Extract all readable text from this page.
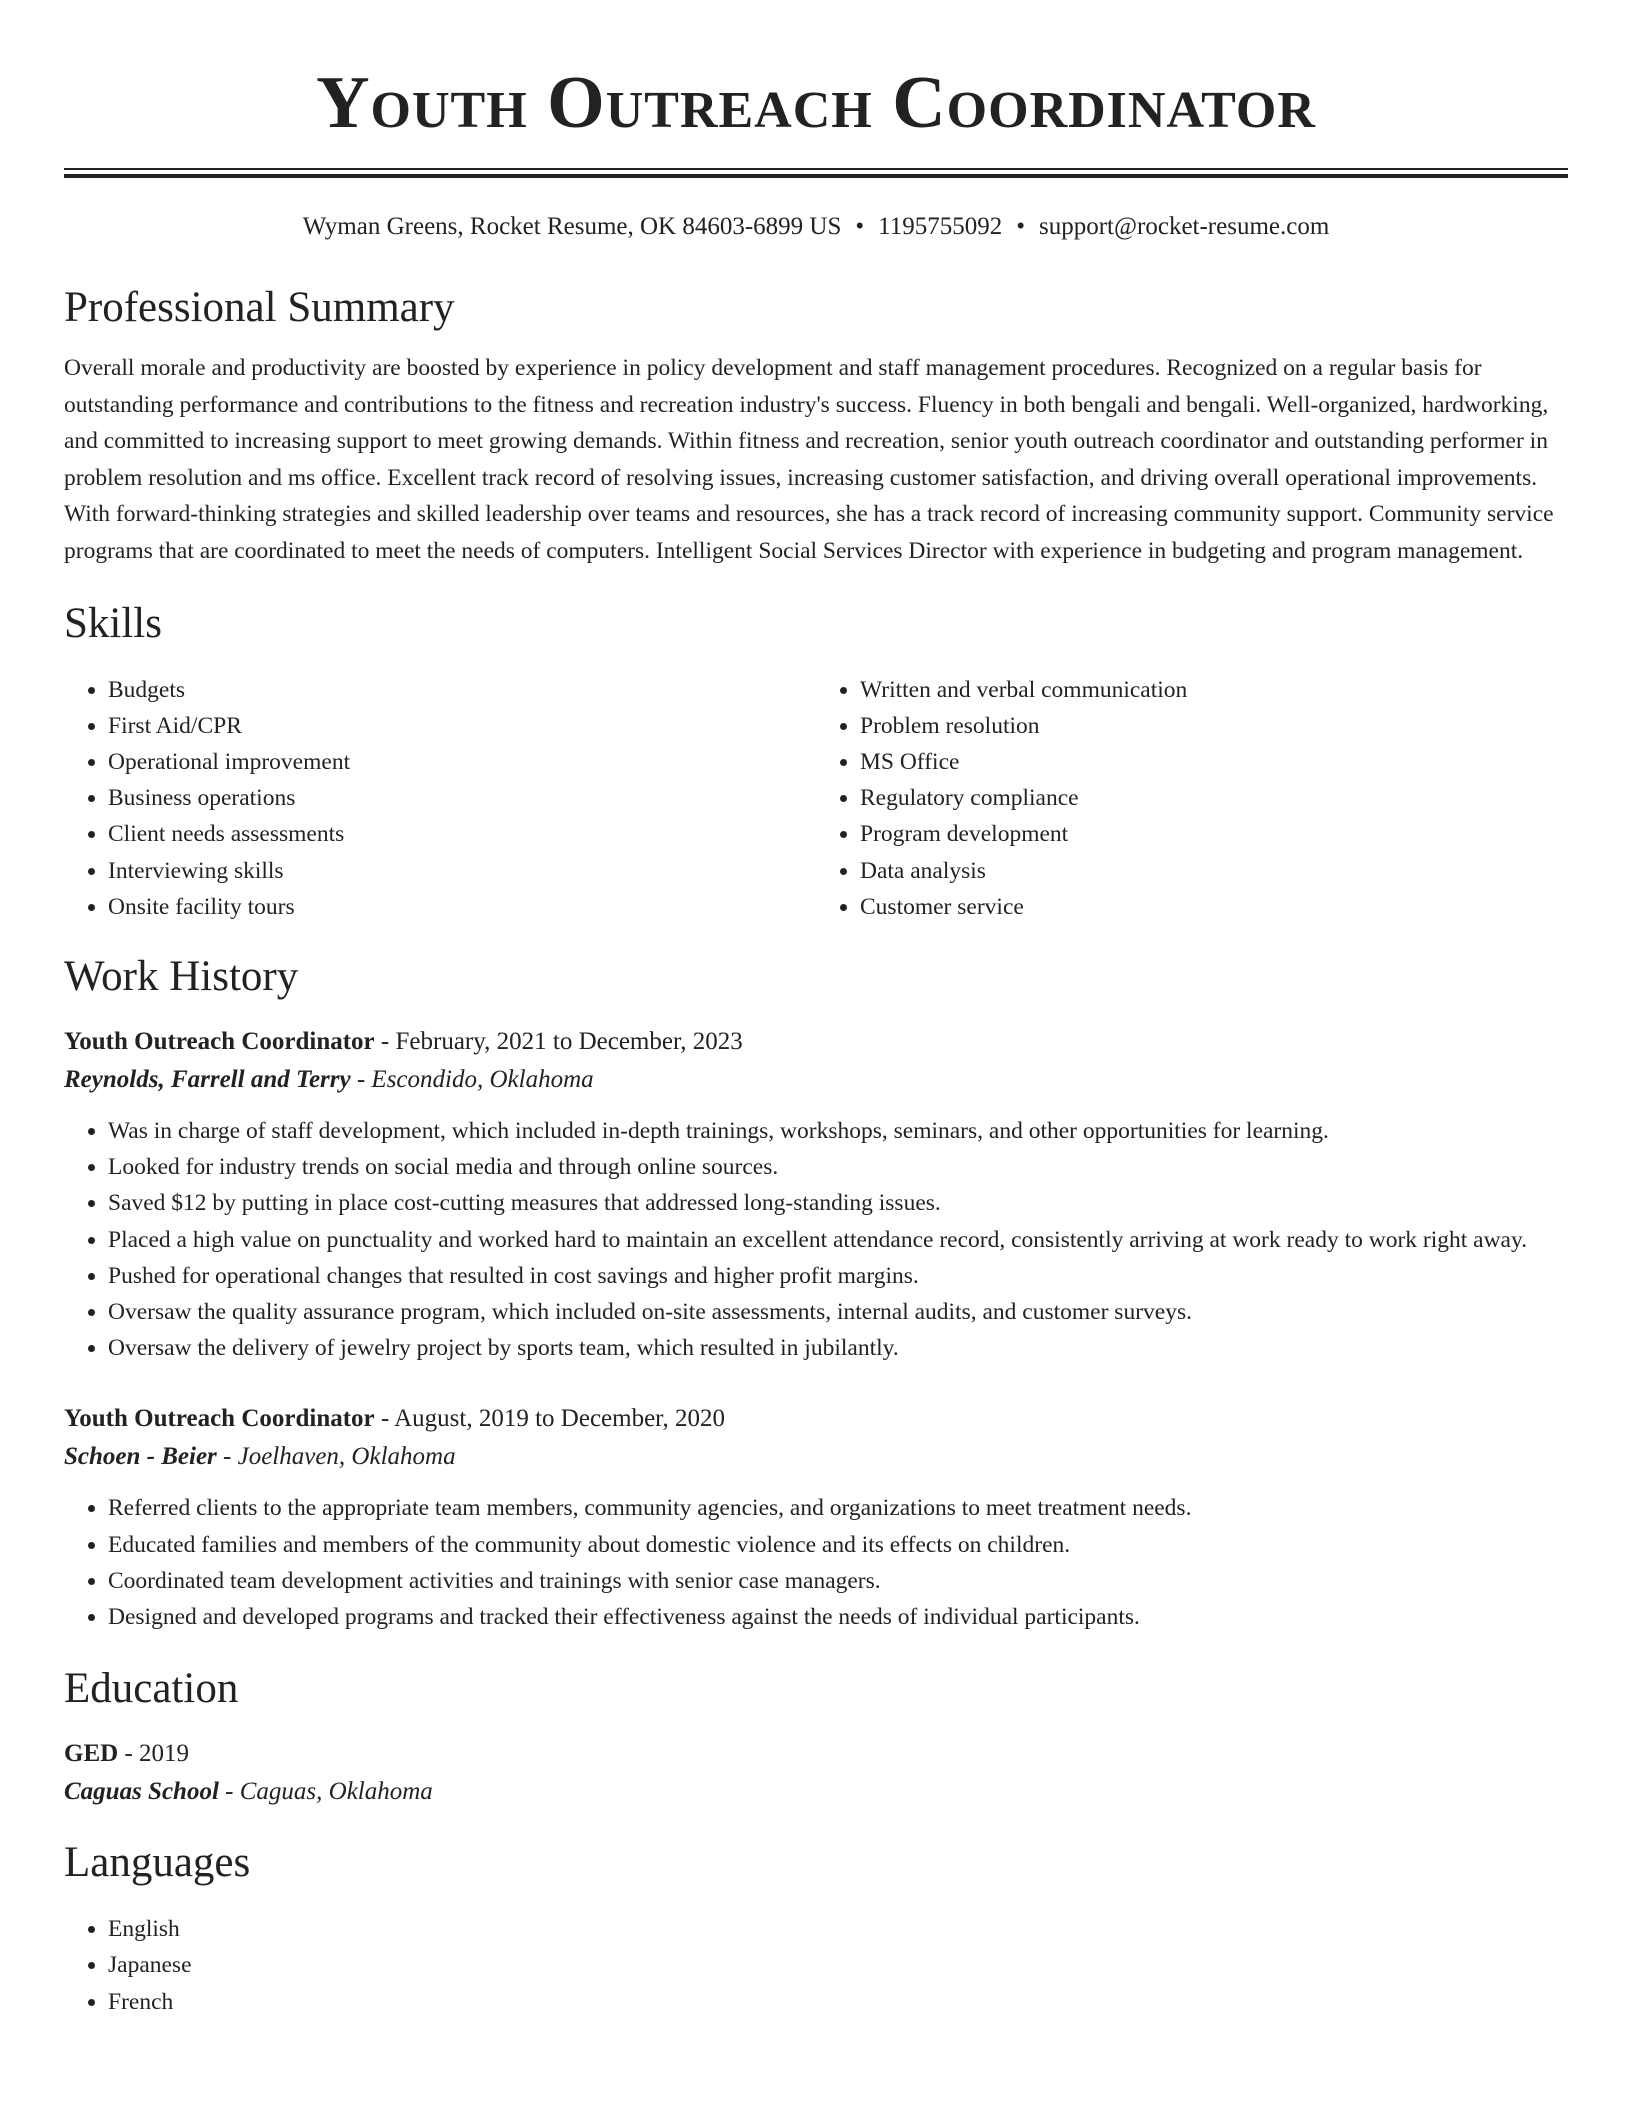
Youth Outreach Coordinator
Wyman Greens, Rocket Resume, OK 84603-6899 US • 1195755092 • support@rocket-resume.com
Professional Summary
Overall morale and productivity are boosted by experience in policy development and staff management procedures. Recognized on a regular basis for outstanding performance and contributions to the fitness and recreation industry's success. Fluency in both bengali and bengali. Well-organized, hardworking, and committed to increasing support to meet growing demands. Within fitness and recreation, senior youth outreach coordinator and outstanding performer in problem resolution and ms office. Excellent track record of resolving issues, increasing customer satisfaction, and driving overall operational improvements. With forward-thinking strategies and skilled leadership over teams and resources, she has a track record of increasing community support. Community service programs that are coordinated to meet the needs of computers. Intelligent Social Services Director with experience in budgeting and program management.
Skills
• Budgets
• First Aid/CPR
• Operational improvement
• Business operations
• Client needs assessments
• Interviewing skills
• Onsite facility tours
• Written and verbal communication
• Problem resolution
• MS Office
• Regulatory compliance
• Program development
• Data analysis
• Customer service
Work History
Youth Outreach Coordinator - February, 2021 to December, 2023
Reynolds, Farrell and Terry - Escondido, Oklahoma
• Was in charge of staff development, which included in-depth trainings, workshops, seminars, and other opportunities for learning.
• Looked for industry trends on social media and through online sources.
• Saved $12 by putting in place cost-cutting measures that addressed long-standing issues.
• Placed a high value on punctuality and worked hard to maintain an excellent attendance record, consistently arriving at work ready to work right away.
• Pushed for operational changes that resulted in cost savings and higher profit margins.
• Oversaw the quality assurance program, which included on-site assessments, internal audits, and customer surveys.
• Oversaw the delivery of jewelry project by sports team, which resulted in jubilantly.
Youth Outreach Coordinator - August, 2019 to December, 2020
Schoen - Beier - Joelhaven, Oklahoma
• Referred clients to the appropriate team members, community agencies, and organizations to meet treatment needs.
• Educated families and members of the community about domestic violence and its effects on children.
• Coordinated team development activities and trainings with senior case managers.
• Designed and developed programs and tracked their effectiveness against the needs of individual participants.
Education
GED - 2019
Caguas School - Caguas, Oklahoma
Languages
• English
• Japanese
• French
